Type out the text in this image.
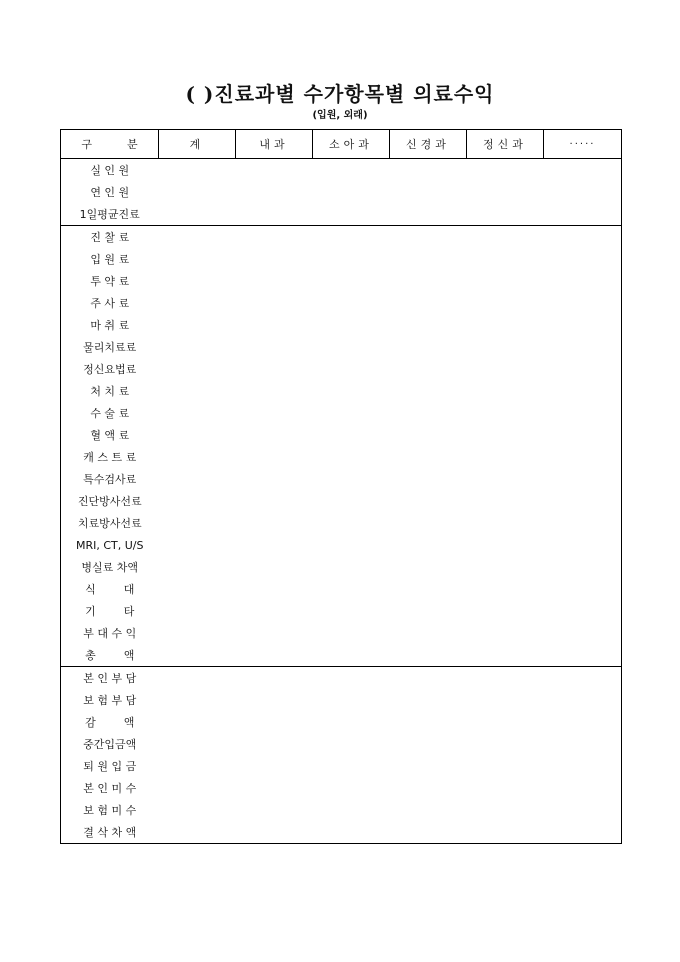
( )진료과별 수가항목별 의료수익
(입원, 외래)
구          분	계	내과	소아과	신경과	정신과	·····
실 인 원						
연 인 원						
1일평균진료						
진 찰 료						
입 원 료						
투 약 료						
주 사 료						
마 취 료						
물리치료료						
정신요법료						
처 치 료						
수 술 료						
혈 액 료						
캐 스 트 료						
특수검사료						
진단방사선료						
치료방사선료						
MRI, CT, U/S						
병실료 차액						
식        대						
기        타						
부 대 수 익						
총        액						
본 인 부 담						
보 험 부 담						
감        액						
중간입금액						
퇴 원 입 금						
본 인 미 수						
보 험 미 수						
결 삭 차 액						
